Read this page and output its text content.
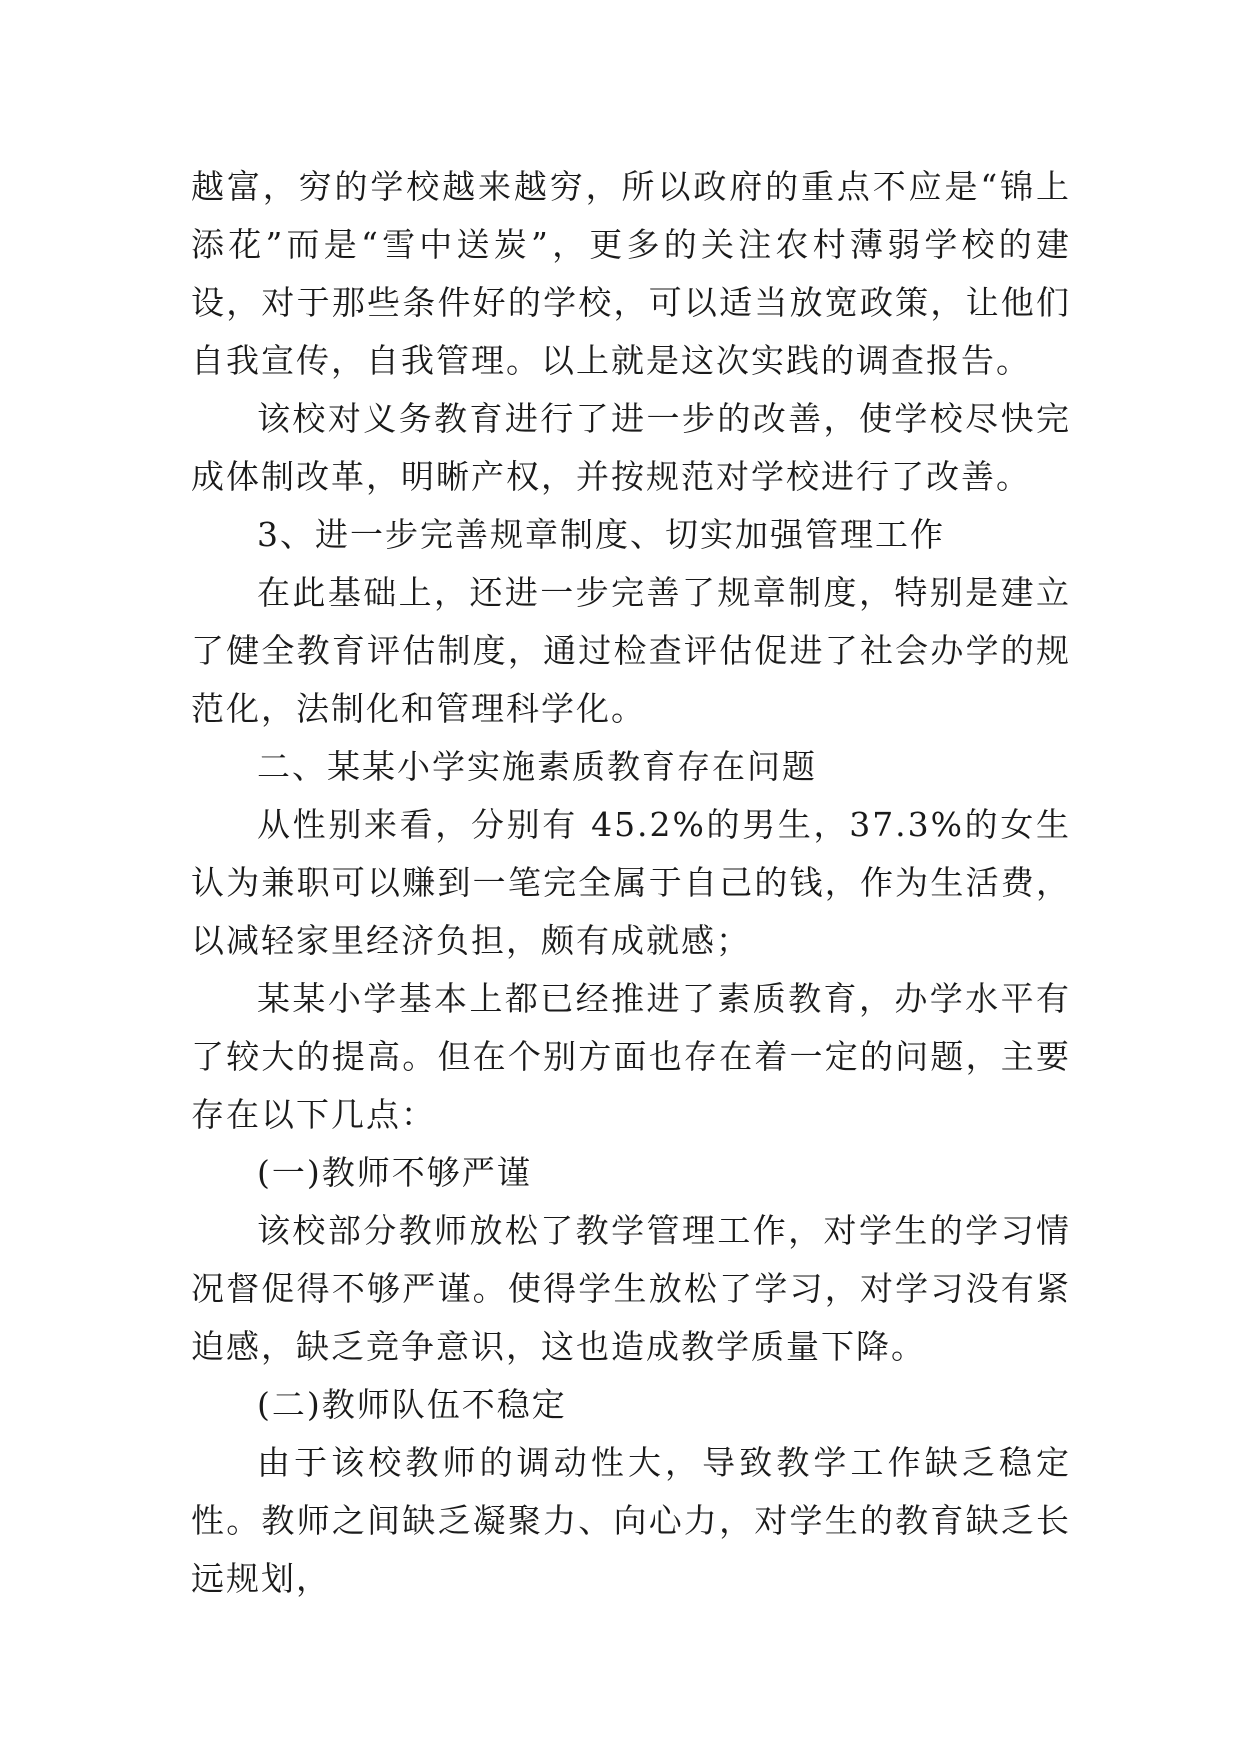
越富，穷的学校越来越穷，所以政府的重点不应是“锦上添花”而是“雪中送炭”，更多的关注农村薄弱学校的建设，对于那些条件好的学校，可以适当放宽政策，让他们自我宣传，自我管理。以上就是这次实践的调查报告。

该校对义务教育进行了进一步的改善，使学校尽快完成体制改革，明晰产权，并按规范对学校进行了改善。

3、进一步完善规章制度、切实加强管理工作

在此基础上，还进一步完善了规章制度，特别是建立了健全教育评估制度，通过检查评估促进了社会办学的规范化，法制化和管理科学化。

二、某某小学实施素质教育存在问题

从性别来看，分别有 45.2%的男生，37.3%的女生认为兼职可以赚到一笔完全属于自己的钱，作为生活费，以减轻家里经济负担，颇有成就感；

某某小学基本上都已经推进了素质教育，办学水平有了较大的提高。但在个别方面也存在着一定的问题，主要存在以下几点：

(一)教师不够严谨

该校部分教师放松了教学管理工作，对学生的学习情况督促得不够严谨。使得学生放松了学习，对学习没有紧迫感，缺乏竞争意识，这也造成教学质量下降。

(二)教师队伍不稳定

由于该校教师的调动性大，导致教学工作缺乏稳定性。教师之间缺乏凝聚力、向心力，对学生的教育缺乏长远规划，
